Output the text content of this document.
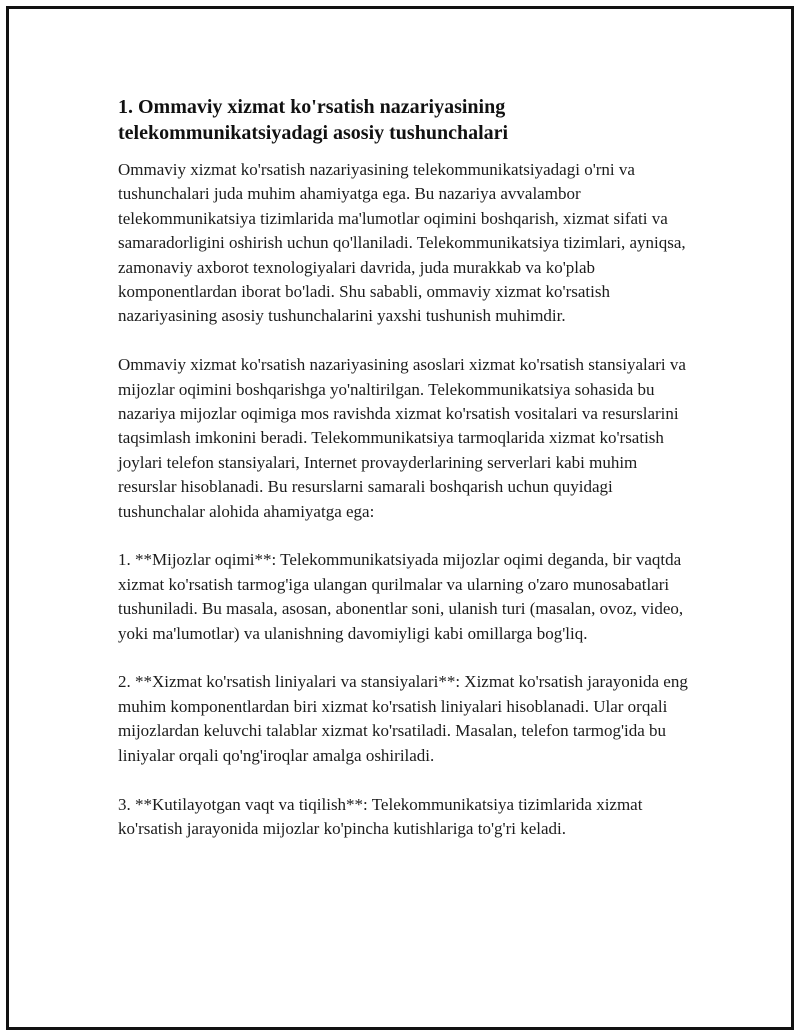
1. Ommaviy xizmat ko'rsatish nazariyasining telekommunikatsiyadagi asosiy tushunchalari

Ommaviy xizmat ko'rsatish nazariyasining telekommunikatsiyadagi o'rni va tushunchalari juda muhim ahamiyatga ega. Bu nazariya avvalambor telekommunikatsiya tizimlarida ma'lumotlar oqimini boshqarish, xizmat sifati va samaradorligini oshirish uchun qo'llaniladi. Telekommunikatsiya tizimlari, ayniqsa, zamonaviy axborot texnologiyalari davrida, juda murakkab va ko'plab komponentlardan iborat bo'ladi. Shu sababli, ommaviy xizmat ko'rsatish nazariyasining asosiy tushunchalarini yaxshi tushunish muhimdir.

Ommaviy xizmat ko'rsatish nazariyasining asoslari xizmat ko'rsatish stansiyalari va mijozlar oqimini boshqarishga yo'naltirilgan. Telekommunikatsiya sohasida bu nazariya mijozlar oqimiga mos ravishda xizmat ko'rsatish vositalari va resurslarini taqsimlash imkonini beradi. Telekommunikatsiya tarmoqlarida xizmat ko'rsatish joylari telefon stansiyalari, Internet provayderlarining serverlari kabi muhim resurslar hisoblanadi. Bu resurslarni samarali boshqarish uchun quyidagi tushunchalar alohida ahamiyatga ega:

1. **Mijozlar oqimi**: Telekommunikatsiyada mijozlar oqimi deganda, bir vaqtda xizmat ko'rsatish tarmog'iga ulangan qurilmalar va ularning o'zaro munosabatlari tushuniladi. Bu masala, asosan, abonentlar soni, ulanish turi (masalan, ovoz, video, yoki ma'lumotlar) va ulanishning davomiyligi kabi omillarga bog'liq.

2. **Xizmat ko'rsatish liniyalari va stansiyalari**: Xizmat ko'rsatish jarayonida eng muhim komponentlardan biri xizmat ko'rsatish liniyalari hisoblanadi. Ular orqali mijozlardan keluvchi talablar xizmat ko'rsatiladi. Masalan, telefon tarmog'ida bu liniyalar orqali qo'ng'iroqlar amalga oshiriladi.

3. **Kutilayotgan vaqt va tiqilish**: Telekommunikatsiya tizimlarida xizmat ko'rsatish jarayonida mijozlar ko'pincha kutishlariga to'g'ri keladi.
